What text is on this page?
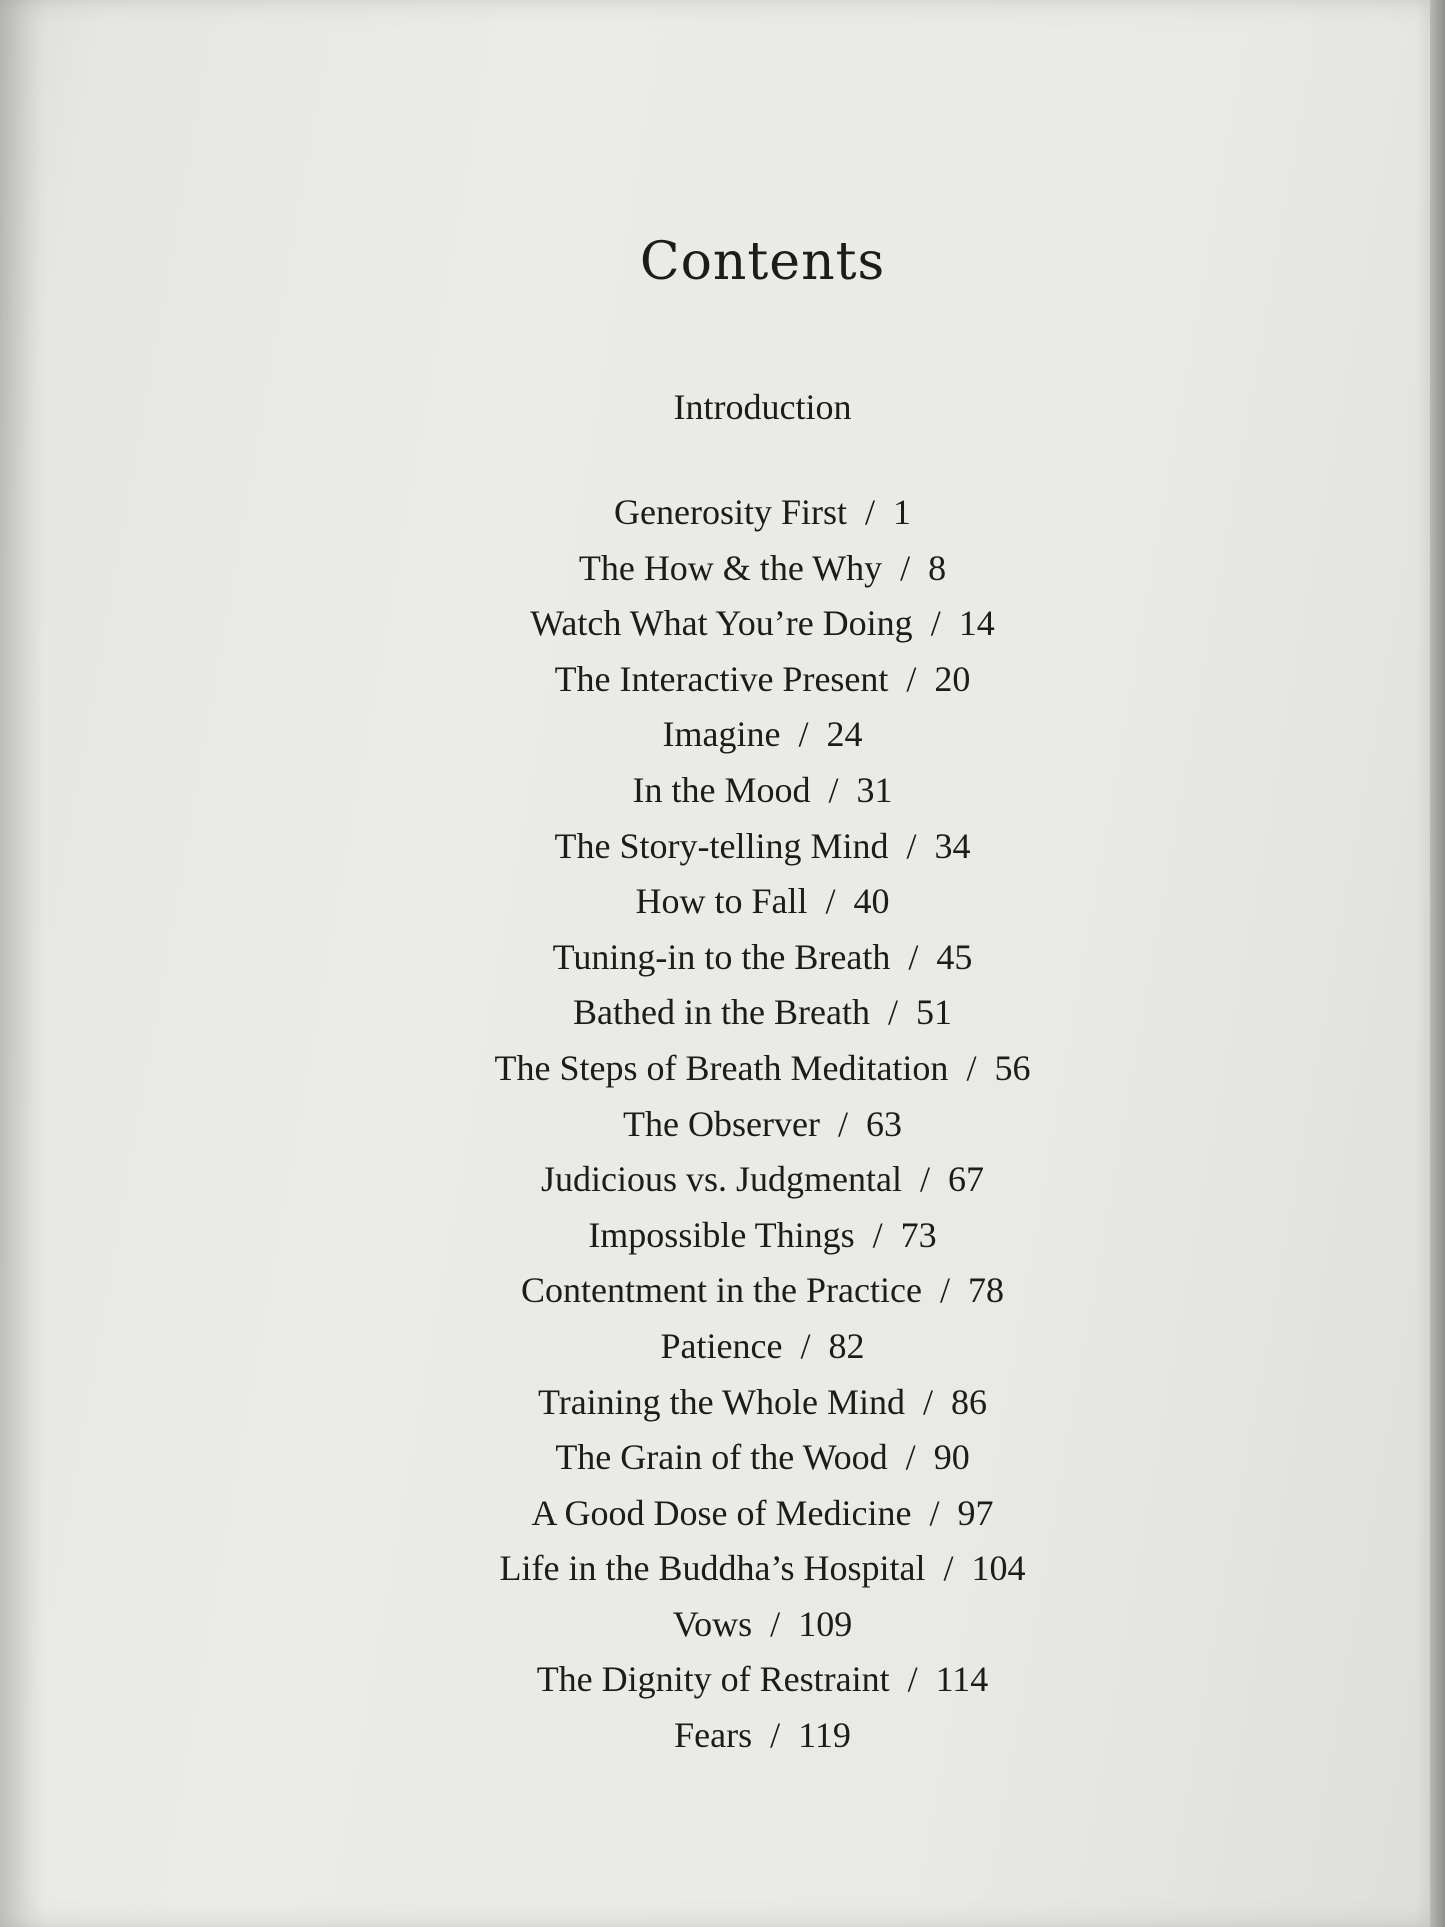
Contents
Introduction
Generosity First / 1
The How & the Why / 8
Watch What You’re Doing / 14
The Interactive Present / 20
Imagine / 24
In the Mood / 31
The Story-telling Mind / 34
How to Fall / 40
Tuning-in to the Breath / 45
Bathed in the Breath / 51
The Steps of Breath Meditation / 56
The Observer / 63
Judicious vs. Judgmental / 67
Impossible Things / 73
Contentment in the Practice / 78
Patience / 82
Training the Whole Mind / 86
The Grain of the Wood / 90
A Good Dose of Medicine / 97
Life in the Buddha’s Hospital / 104
Vows / 109
The Dignity of Restraint / 114
Fears / 119
